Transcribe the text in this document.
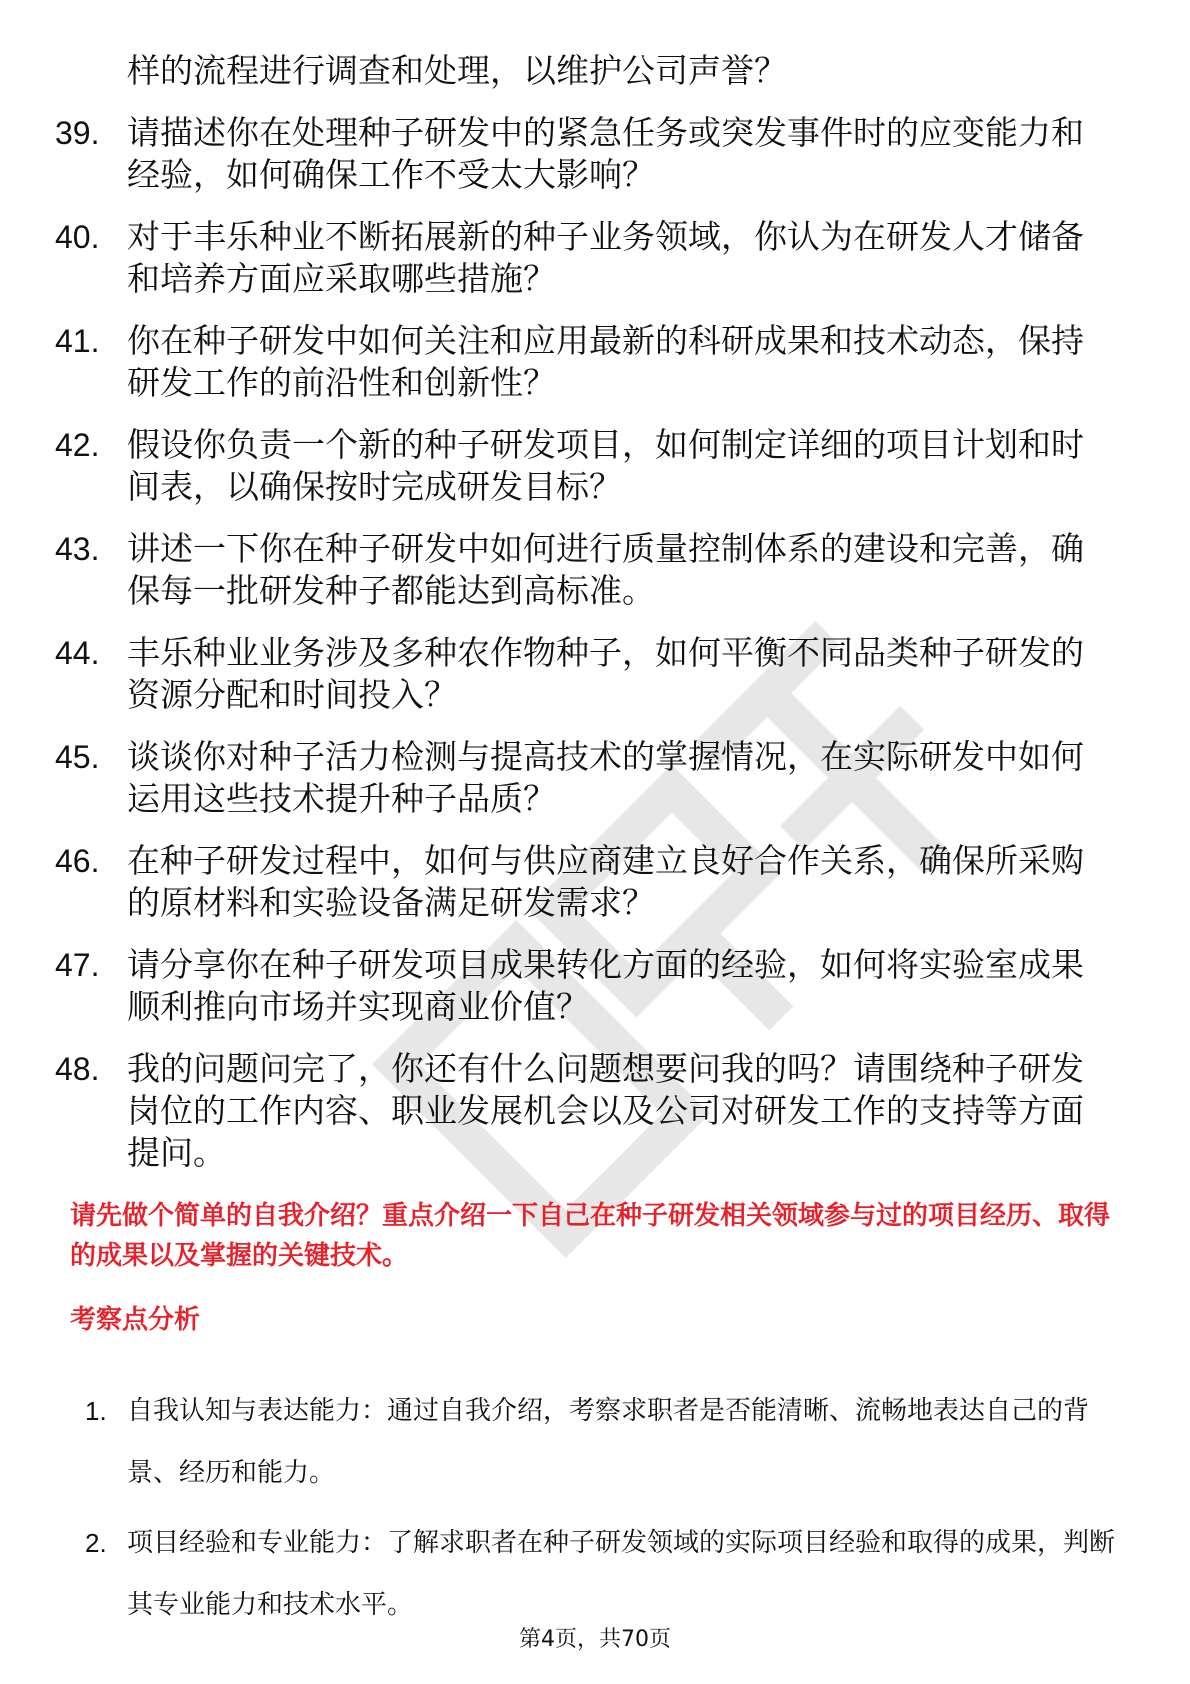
样的流程进行调查和处理，以维护公司声誉？
39. 请描述你在处理种子研发中的紧急任务或突发事件时的应变能力和经验，如何确保工作不受太大影响？
40. 对于丰乐种业不断拓展新的种子业务领域，你认为在研发人才储备和培养方面应采取哪些措施？
41. 你在种子研发中如何关注和应用最新的科研成果和技术动态，保持研发工作的前沿性和创新性？
42. 假设你负责一个新的种子研发项目，如何制定详细的项目计划和时间表，以确保按时完成研发目标？
43. 讲述一下你在种子研发中如何进行质量控制体系的建设和完善，确保每一批研发种子都能达到高标准。
44. 丰乐种业业务涉及多种农作物种子，如何平衡不同品类种子研发的资源分配和时间投入？
45. 谈谈你对种子活力检测与提高技术的掌握情况，在实际研发中如何运用这些技术提升种子品质？
46. 在种子研发过程中，如何与供应商建立良好合作关系，确保所采购的原材料和实验设备满足研发需求？
47. 请分享你在种子研发项目成果转化方面的经验，如何将实验室成果顺利推向市场并实现商业价值？
48. 我的问题问完了，你还有什么问题想要问我的吗？请围绕种子研发岗位的工作内容、职业发展机会以及公司对研发工作的支持等方面提问。
请先做个简单的自我介绍？重点介绍一下自己在种子研发相关领域参与过的项目经历、取得的成果以及掌握的关键技术。
考察点分析
1. 自我认知与表达能力：通过自我介绍，考察求职者是否能清晰、流畅地表达自己的背景、经历和能力。
2. 项目经验和专业能力：了解求职者在种子研发领域的实际项目经验和取得的成果，判断其专业能力和技术水平。
第4页，共70页
